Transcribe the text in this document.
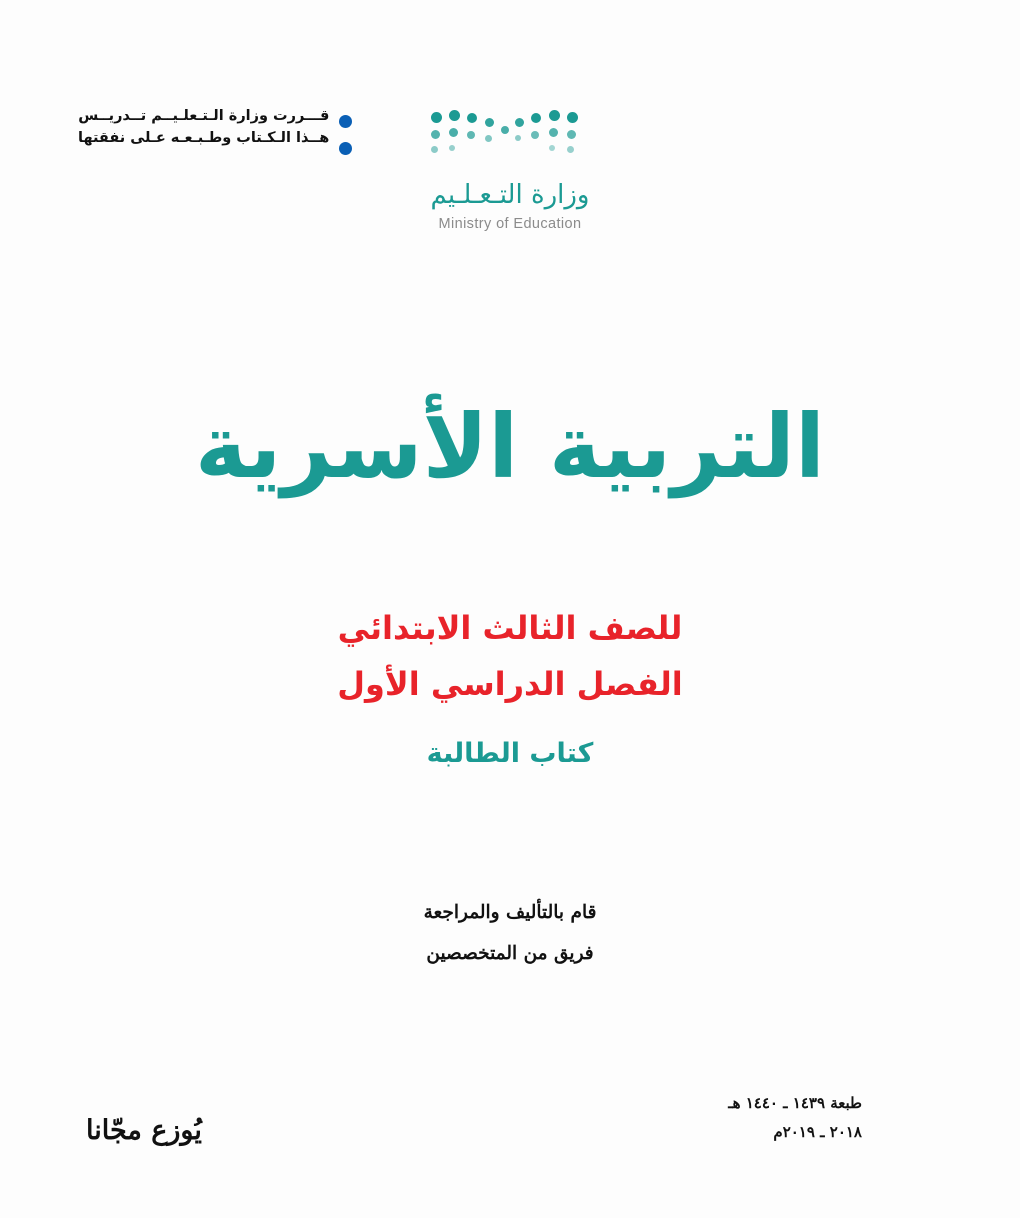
قـــررت وزارة الـتـعلـيــم تــدريــس
هــذا الـكـتاب وطـبـعـه عـلى نفقتها
وزارة التـعـلـيم
Ministry of Education
التربية الأسرية
للصف الثالث الابتدائي
الفصل الدراسي الأول
كتاب الطالبة
قام بالتأليف والمراجعة
فريق من المتخصصين
يُوزع مجّانا
طبعة ١٤٣٩ ـ ١٤٤٠ هـ
٢٠١٨ ـ ٢٠١٩م
